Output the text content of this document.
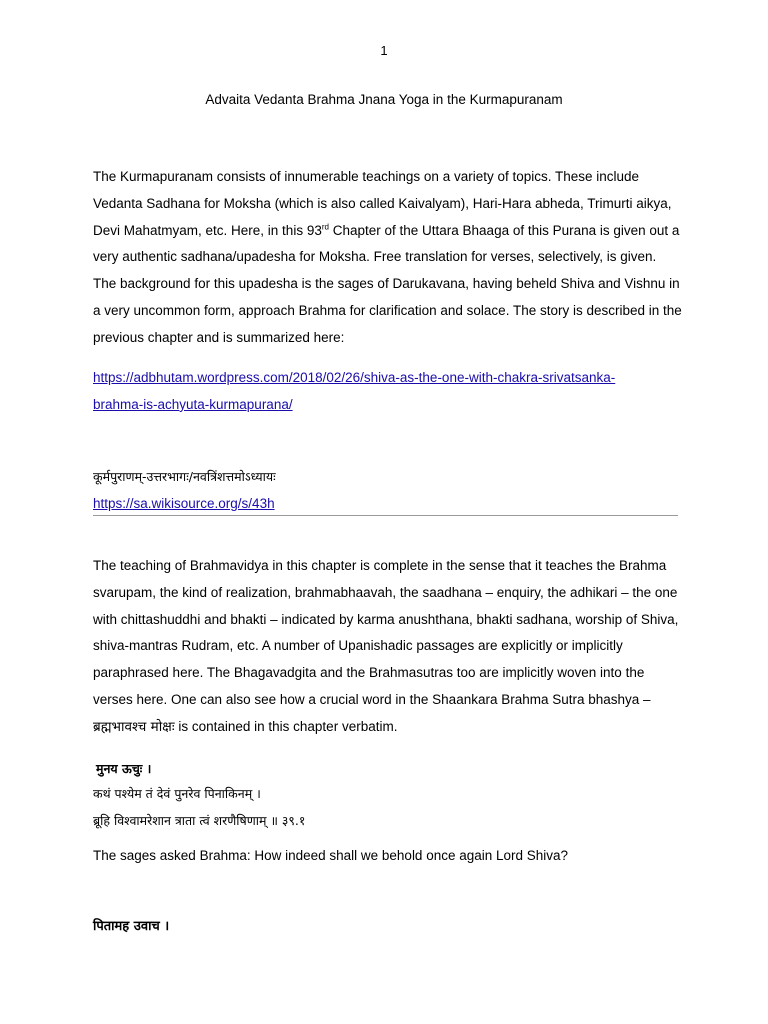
1
Advaita Vedanta Brahma Jnana Yoga in the Kurmapuranam
The Kurmapuranam consists of innumerable teachings on a variety of topics. These include Vedanta Sadhana for Moksha (which is also called Kaivalyam), Hari-Hara abheda, Trimurti aikya, Devi Mahatmyam, etc. Here, in this 93rd Chapter of the Uttara Bhaaga of this Purana is given out a very authentic sadhana/upadesha for Moksha. Free translation for verses, selectively, is given. The background for this upadesha is the sages of Darukavana, having beheld Shiva and Vishnu in a very uncommon form, approach Brahma for clarification and solace. The story is described in the previous chapter and is summarized here:
https://adbhutam.wordpress.com/2018/02/26/shiva-as-the-one-with-chakra-srivatsanka-
brahma-is-achyuta-kurmapurana/
कूर्मपुराणम्-उत्तरभागः/नवत्रिंशत्तमोऽध्यायः
https://sa.wikisource.org/s/43h
The teaching of Brahmavidya in this chapter is complete in the sense that it teaches the Brahma svarupam, the kind of realization, brahmabhaavah, the saadhana – enquiry, the adhikari – the one with chittashuddhi and bhakti – indicated by karma anushthana, bhakti sadhana, worship of Shiva, shiva-mantras Rudram, etc. A number of Upanishadic passages are explicitly or implicitly paraphrased here. The Bhagavadgita and the Brahmasutras too are implicitly woven into the verses here. One can also see how a crucial word in the Shaankara Brahma Sutra bhashya – ब्रह्मभावश्च मोक्षः is contained in this chapter verbatim.
मुनय ऊचुः ।
कथं पश्येम तं देवं पुनरेव पिनाकिनम् ।
ब्रूहि विश्वामरेशान त्राता त्वं शरणैषिणाम् ॥ ३९.१
The sages asked Brahma: How indeed shall we behold once again Lord Shiva?
पितामह उवाच ।
